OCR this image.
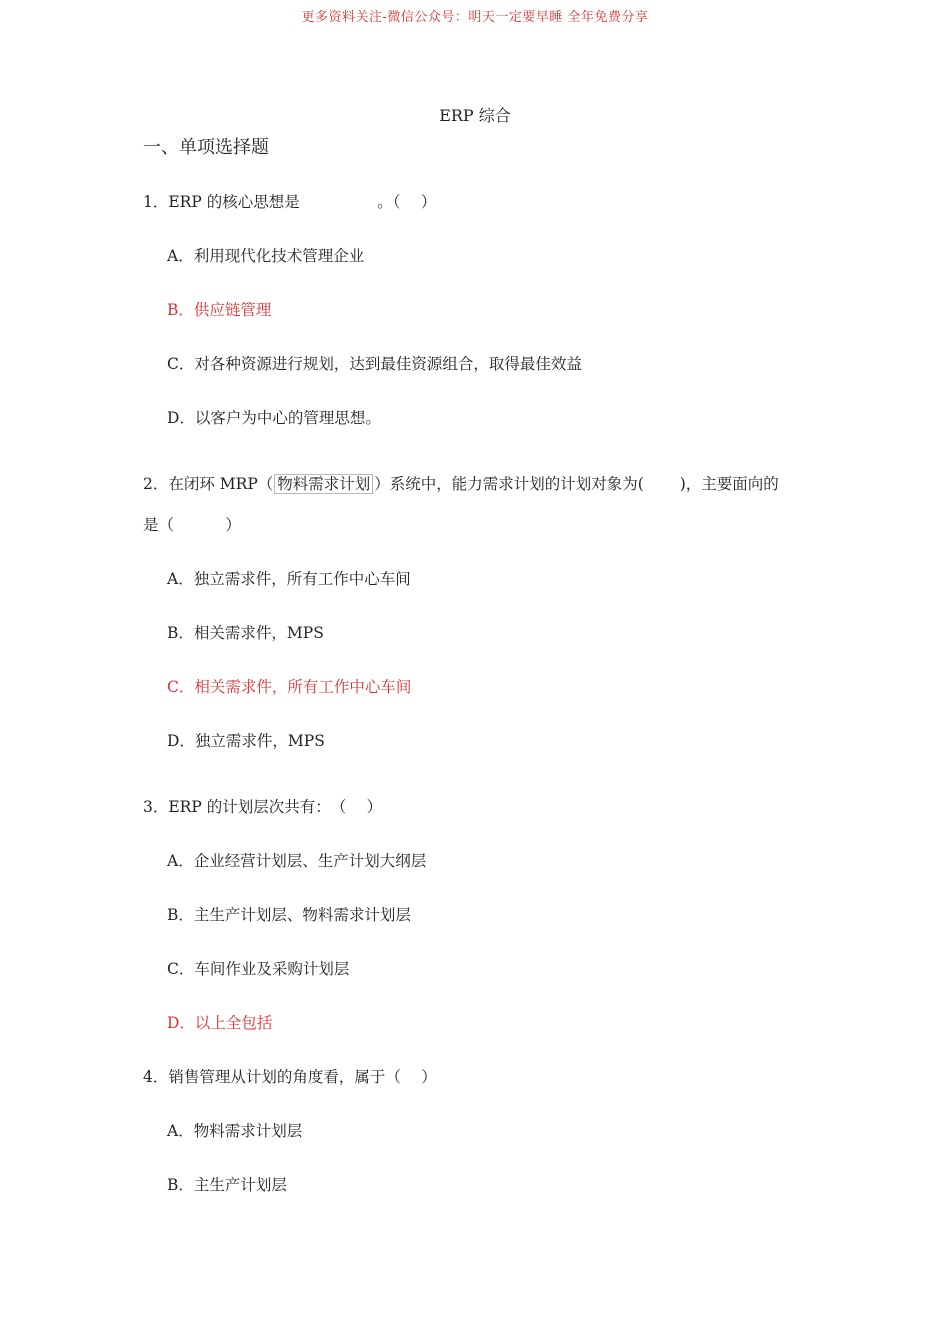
更多资料关注-微信公众号：明天一定要早睡 全年免费分享
ERP 综合
一、单项选择题
1．ERP 的核心思想是　　　　　。（　 ）
A．利用现代化技术管理企业
B．供应链管理
C．对各种资源进行规划，达到最佳资源组合，取得最佳效益
D．以客户为中心的管理思想。
2．在闭环 MRP（ 物料需求计划 ）系统中，能力需求计划的计划对象为(　　 )，主要面向的
是（　　　 ）
A．独立需求件，所有工作中心车间
B．相关需求件，MPS
C．相关需求件，所有工作中心车间
D．独立需求件，MPS
3．ERP 的计划层次共有：　（　 ）
A．企业经营计划层、生产计划大纲层
B．主生产计划层、物料需求计划层
C．车间作业及采购计划层
D．以上全包括
4．销售管理从计划的角度看，属于（　 ）
A．物料需求计划层
B．主生产计划层
